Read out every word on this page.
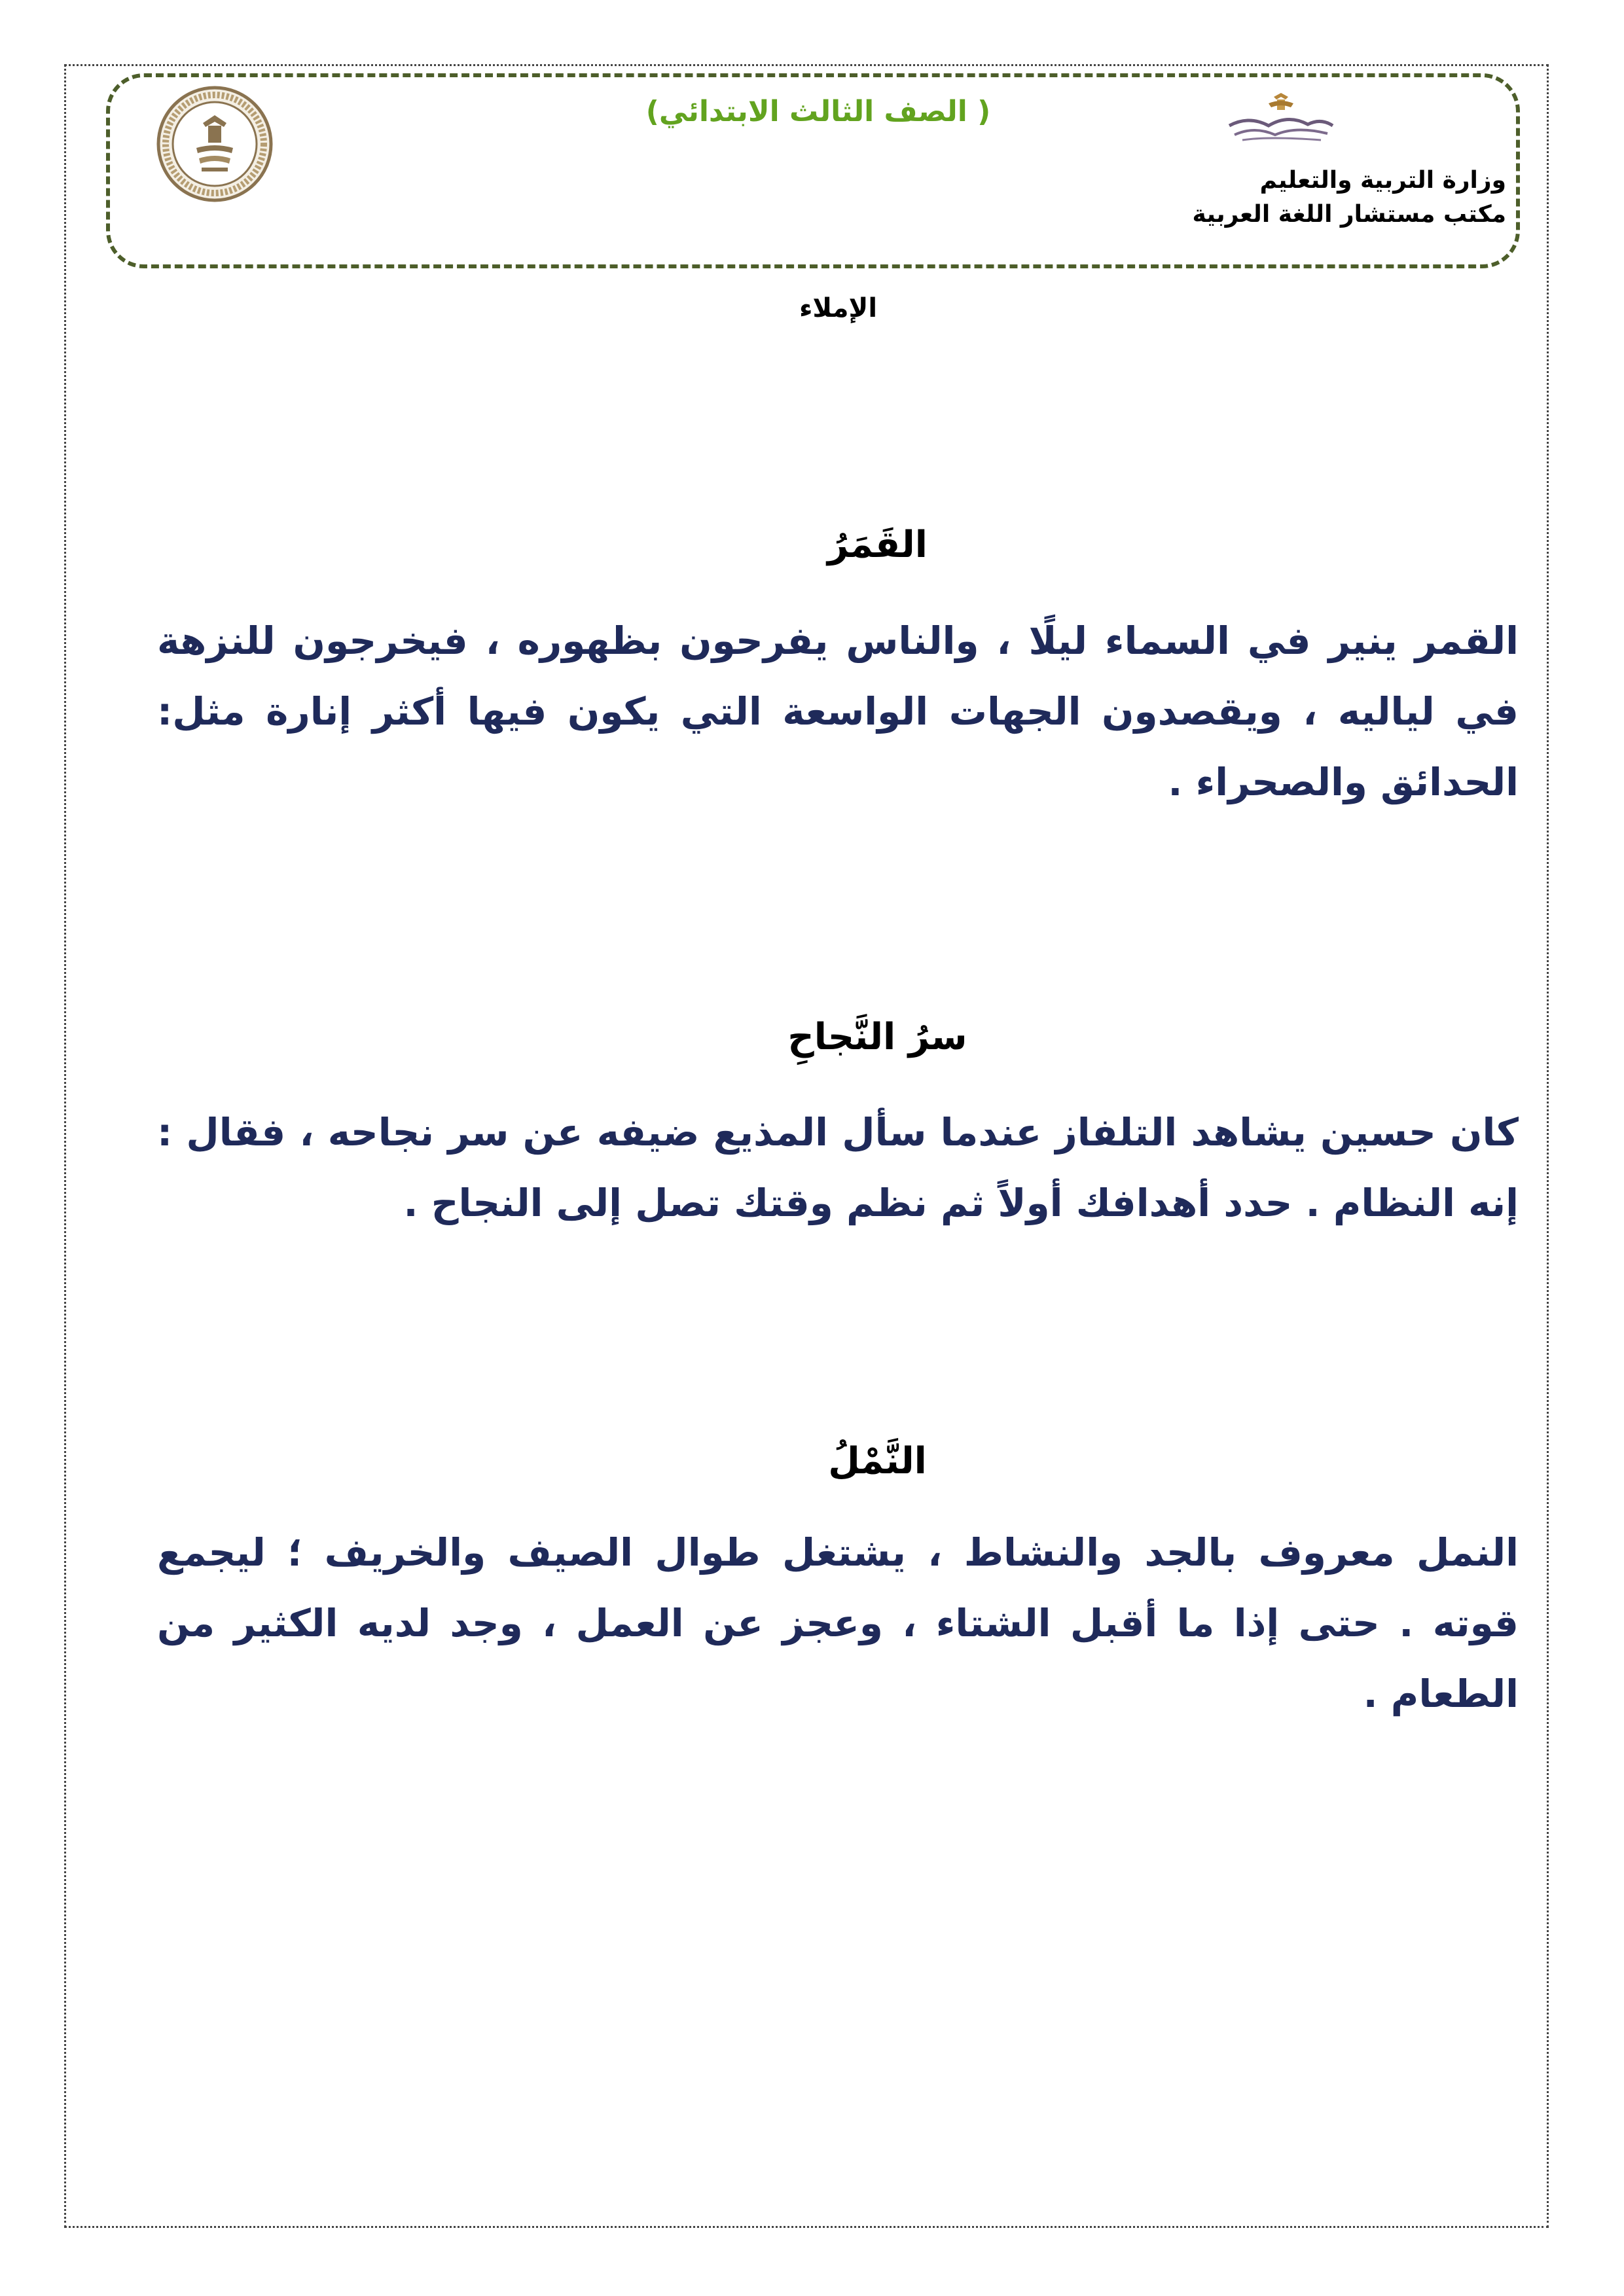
( الصف الثالث الابتدائي)
وزارة التربية والتعليم
مكتب مستشار اللغة العربية
الإملاء
القَمَرُ
القمر ينير في السماء ليلًا ، والناس يفرحون بظهوره ، فيخرجون للنزهة في لياليه ، ويقصدون الجهات الواسعة التي يكون فيها أكثر إنارة مثل: الحدائق والصحراء .
سرُ النَّجاحِ
كان حسين يشاهد التلفاز عندما سأل المذيع ضيفه عن سر نجاحه ، فقال : إنه النظام . حدد أهدافك أولاً ثم نظم وقتك تصل إلى النجاح .
النَّمْلُ
النمل معروف بالجد والنشاط ، يشتغل طوال الصيف والخريف ؛ ليجمع قوته . حتى إذا ما أقبل الشتاء ، وعجز عن العمل ، وجد لديه الكثير من الطعام .
